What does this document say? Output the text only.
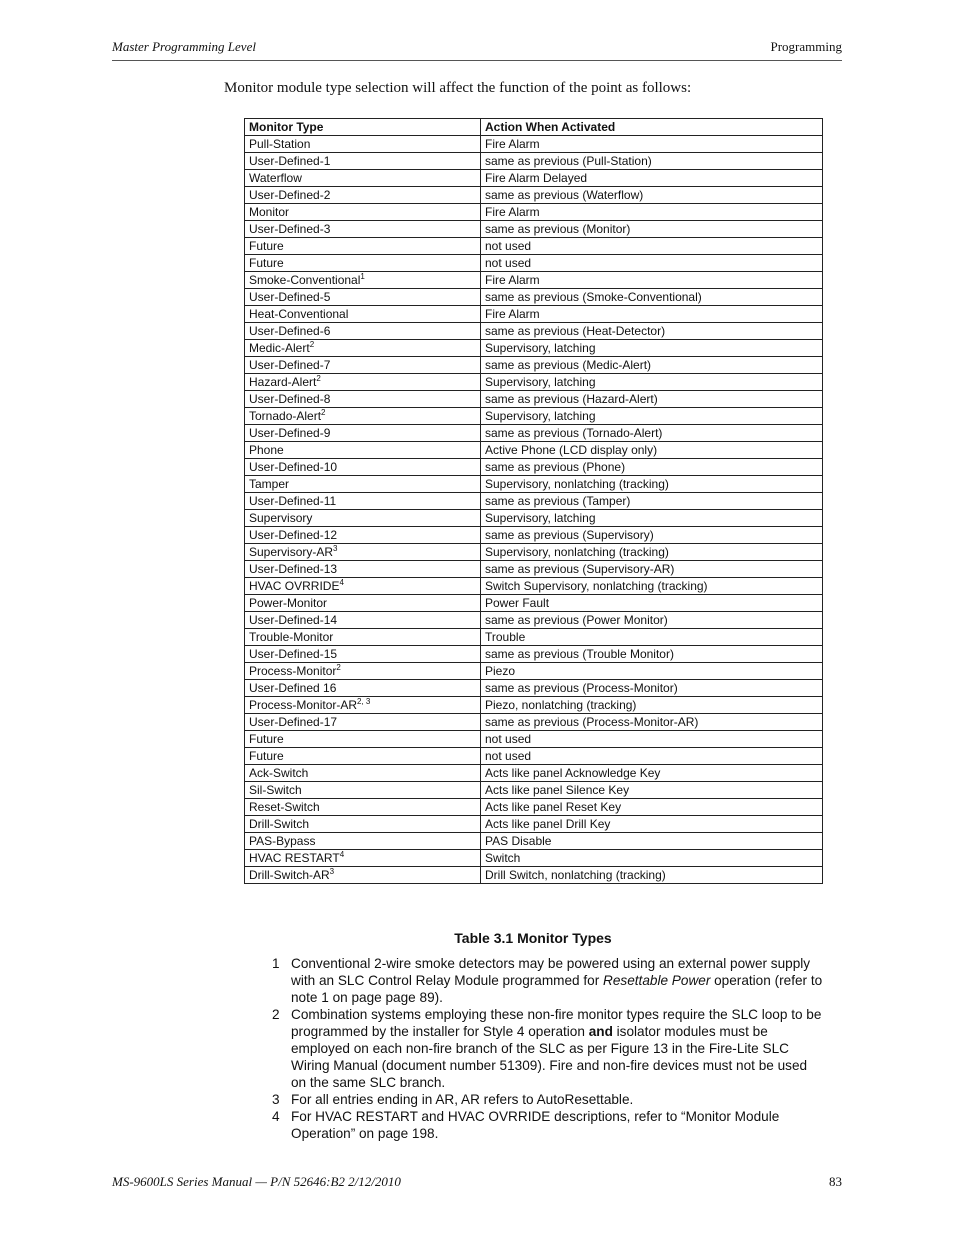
Master Programming Level	Programming
Monitor module type selection will affect the function of the point as follows:
Monitor Type	Action When Activated
Pull-Station	Fire Alarm
User-Defined-1	same as previous (Pull-Station)
Waterflow	Fire Alarm Delayed
User-Defined-2	same as previous (Waterflow)
Monitor	Fire Alarm
User-Defined-3	same as previous (Monitor)
Future	not used
Future	not used
Smoke-Conventional$^1$	Fire Alarm
User-Defined-5	same as previous (Smoke-Conventional)
Heat-Conventional	Fire Alarm
User-Defined-6	same as previous (Heat-Detector)
Medic-Alert$^2$	Supervisory, latching
User-Defined-7	same as previous (Medic-Alert)
Hazard-Alert$^2$	Supervisory, latching
User-Defined-8	same as previous (Hazard-Alert)
Tornado-Alert$^2$	Supervisory, latching
User-Defined-9	same as previous (Tornado-Alert)
Phone	Active Phone (LCD display only)
User-Defined-10	same as previous (Phone)
Tamper	Supervisory, nonlatching (tracking)
User-Defined-11	same as previous (Tamper)
Supervisory	Supervisory, latching
User-Defined-12	same as previous (Supervisory)
Supervisory-$AR^3$	Supervisory, nonlatching (tracking)
User-Defined-13	same as previous (Supervisory-AR)
HVAC OVRRIDE$^4$	Switch Supervisory, nonlatching (tracking)
Power-Monitor	Power Fault
User-Defined-14	same as previous (Power Monitor)
Trouble-Monitor	Trouble
User-Defined-15	same as previous (Trouble Monitor)
Process-Monitor$^2$	Piezo
User-Defined 16	same as previous (Process-Monitor)
Process-Monitor-AR$^{2, 3}$	Piezo, nonlatching (tracking)
User-Defined-17	same as previous (Process-Monitor-AR)
Future	not used
Future	not used
Ack-Switch	Acts like panel Acknowledge Key
Sil-Switch	Acts like panel Silence Key
Reset-Switch	Acts like panel Reset Key
Drill-Switch	Acts like panel Drill Key
PAS-Bypass	PAS Disable
HVAC RESTART$^4$	Switch
Drill-$Switch-AR^3$	Drill Switch, nonlatching (tracking)
Table 3.1 Monitor Types
1 Conventional 2-wire smoke detectors may be powered using an external power supply with an SLC Control Relay Module programmed for Resettable Power operation (refer to note 1 on page page 89).
2 Combination systems employing these non-fire monitor types require the SLC loop to be programmed by the installer for Style 4 operation and isolator modules must be employed on each non-fire branch of the SLC as per Figure 13 in the Fire-Lite SLC Wiring Manual (document number 51309). Fire and non-fire devices must not be used on the same SLC branch.
3 For all entries ending in AR, AR refers to AutoResettable.
4 For HVAC RESTART and HVAC OVRRIDE descriptions, refer to “Monitor Module Operation” on page 198.
MS-9600LS Series Manual — P/N 52646:B2 2/12/2010	83
